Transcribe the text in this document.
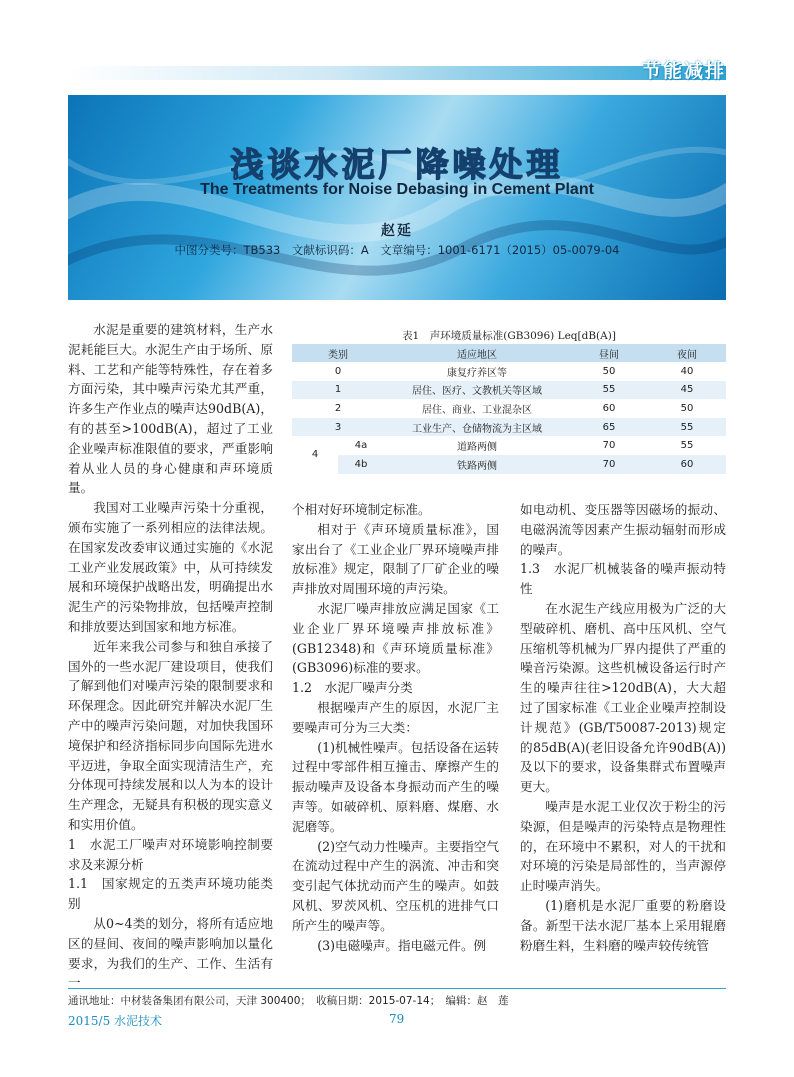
节能减排
浅谈水泥厂降噪处理
The Treatments for Noise Debasing in Cement Plant
赵延
中图分类号：TB533　文献标识码：A　文章编号：1001-6171（2015）05-0079-04

水泥是重要的建筑材料，生产水泥耗能巨大。水泥生产由于场所、原料、工艺和产能等特殊性，存在着多方面污染，其中噪声污染尤其严重，许多生产作业点的噪声达90dB(A)，有的甚至>100dB(A)，超过了工业企业噪声标准限值的要求，严重影响着从业人员的身心健康和声环境质量。

我国对工业噪声污染十分重视，颁布实施了一系列相应的法律法规。在国家发改委审议通过实施的《水泥工业产业发展政策》中，从可持续发展和环境保护战略出发，明确提出水泥生产的污染物排放，包括噪声控制和排放要达到国家和地方标准。

近年来我公司参与和独自承接了国外的一些水泥厂建设项目，使我们了解到他们对噪声污染的限制要求和环保理念。因此研究并解决水泥厂生产中的噪声污染问题，对加快我国环境保护和经济指标同步向国际先进水平迈进，争取全面实现清洁生产，充分体现可持续发展和以人为本的设计生产理念，无疑具有积极的现实意义和实用价值。

1　水泥工厂噪声对环境影响控制要求及来源分析

1.1　国家规定的五类声环境功能类别

从0~4类的划分，将所有适应地区的昼间、夜间的噪声影响加以量化要求，为我们的生产、工作、生活有一

表1　声环境质量标准(GB3096) Leq[dB(A)]
类别		适应地区	昼间	夜间
0		康复疗养区等	50	40
1		居住、医疗、文教机关等区域	55	45
2		居住、商业、工业混杂区	60	50
3		工业生产、仓储物流为主区域	65	55
4	4a	道路两侧	70	55
	4b	铁路两侧	70	60

个相对好环境制定标准。

相对于《声环境质量标准》，国家出台了《工业企业厂界环境噪声排放标准》规定，限制了厂矿企业的噪声排放对周围环境的声污染。

水泥厂噪声排放应满足国家《工业企业厂界环境噪声排放标准》(GB12348)和《声环境质量标准》(GB3096)标准的要求。

1.2　水泥厂噪声分类

根据噪声产生的原因，水泥厂主要噪声可分为三大类：

(1)机械性噪声。包括设备在运转过程中零部件相互撞击、摩擦产生的振动噪声及设备本身振动而产生的噪声等。如破碎机、原料磨、煤磨、水泥磨等。

(2)空气动力性噪声。主要指空气在流动过程中产生的涡流、冲击和突变引起气体扰动而产生的噪声。如鼓风机、罗茨风机、空压机的进排气口所产生的噪声等。

(3)电磁噪声。指电磁元件。例

如电动机、变压器等因磁场的振动、电磁涡流等因素产生振动辐射而形成的噪声。

1.3　水泥厂机械装备的噪声振动特性

在水泥生产线应用极为广泛的大型破碎机、磨机、高中压风机、空气压缩机等机械为厂界内提供了严重的噪音污染源。这些机械设备运行时产生的噪声往往>120dB(A)，大大超过了国家标准《工业企业噪声控制设计规范》(GB/T50087-2013)规定的85dB(A)(老旧设备允许90dB(A))及以下的要求，设备集群式布置噪声更大。

噪声是水泥工业仅次于粉尘的污染源，但是噪声的污染特点是物理性的，在环境中不累积，对人的干扰和对环境的污染是局部性的，当声源停止时噪声消失。

(1)磨机是水泥厂重要的粉磨设备。新型干法水泥厂基本上采用辊磨粉磨生料，生料磨的噪声较传统管

通讯地址：中材装备集团有限公司，天津 300400；　收稿日期：2015-07-14；　编辑：赵　莲
2015/5 水泥技术	79
